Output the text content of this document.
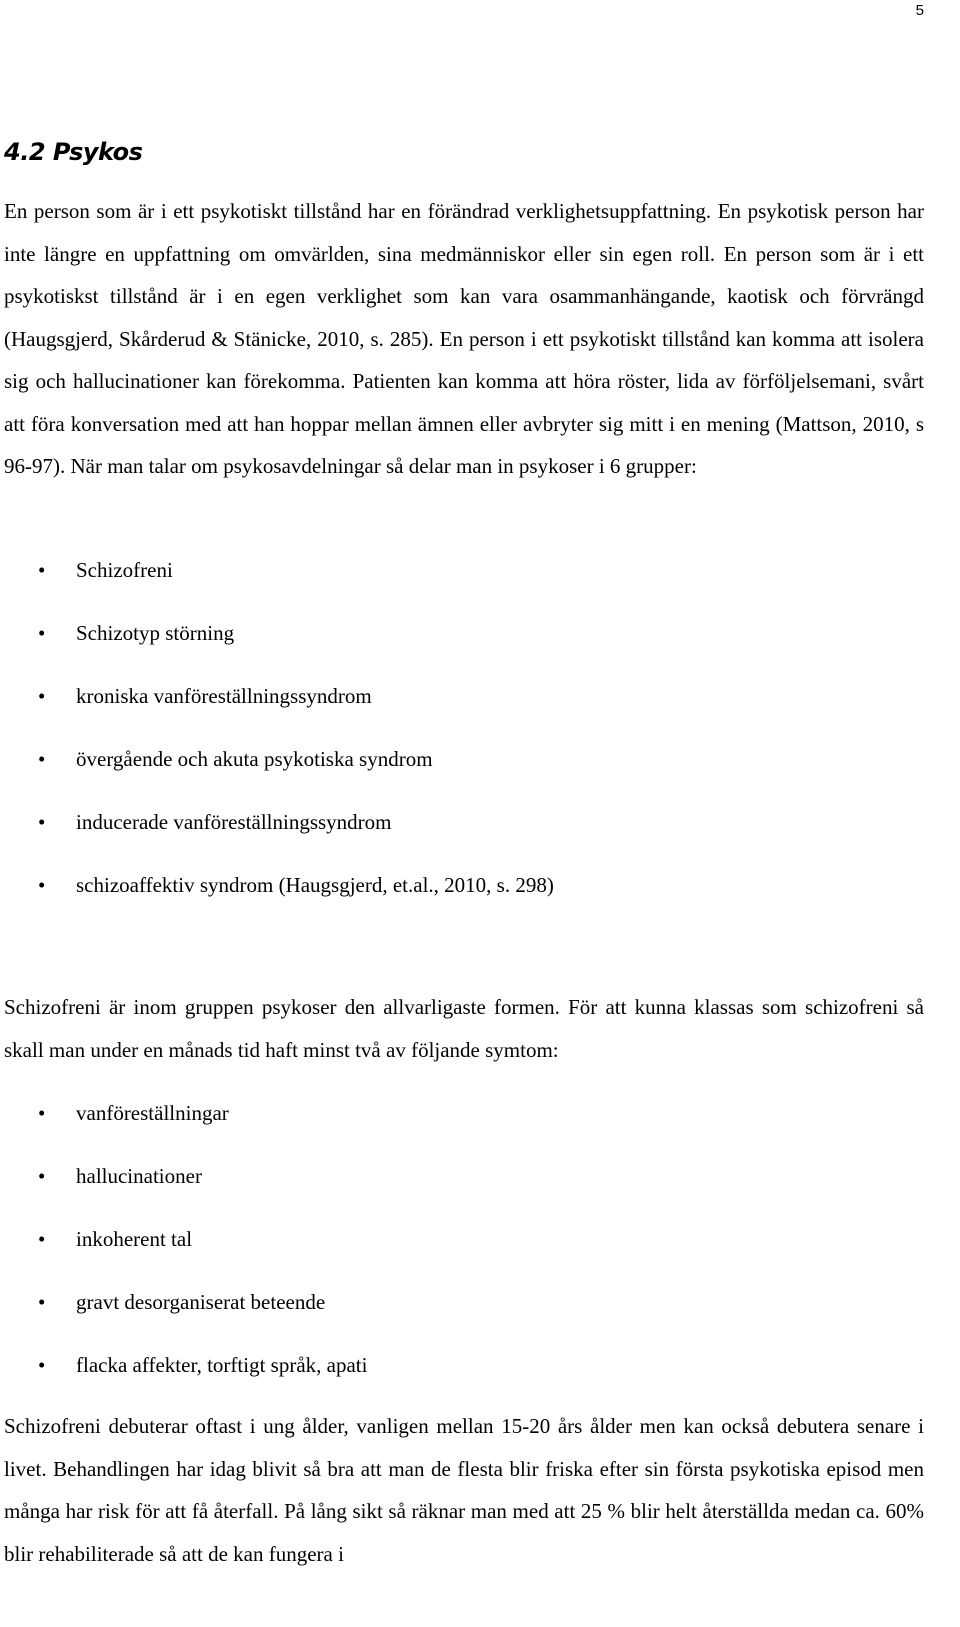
5
4.2 Psykos

En person som är i ett psykotiskt tillstånd har en förändrad verklighetsuppfattning. En psykotisk person har inte längre en uppfattning om omvärlden, sina medmänniskor eller sin egen roll. En person som är i ett psykotiskst tillstånd är i en egen verklighet som kan vara osammanhängande, kaotisk och förvrängd (Haugsgjerd, Skårderud & Stänicke, 2010, s. 285). En person i ett psykotiskt tillstånd kan komma att isolera sig och hallucinationer kan förekomma. Patienten kan komma att höra röster, lida av förföljelsemani, svårt att föra konversation med att han hoppar mellan ämnen eller avbryter sig mitt i en mening (Mattson, 2010, s 96-97). När man talar om psykosavdelningar så delar man in psykoser i 6 grupper:

• Schizofreni
• Schizotyp störning
• kroniska vanföreställningssyndrom
• övergående och akuta psykotiska syndrom
• inducerade vanföreställningssyndrom
• schizoaffektiv syndrom (Haugsgjerd, et.al., 2010, s. 298)

Schizofreni är inom gruppen psykoser den allvarligaste formen. För att kunna klassas som schizofreni så skall man under en månads tid haft minst två av följande symtom:

• vanföreställningar
• hallucinationer
• inkoherent tal
• gravt desorganiserat beteende
• flacka affekter, torftigt språk, apati

Schizofreni debuterar oftast i ung ålder, vanligen mellan 15-20 års ålder men kan också debutera senare i livet. Behandlingen har idag blivit så bra att man de flesta blir friska efter sin första psykotiska episod men många har risk för att få återfall. På lång sikt så räknar man med att 25 % blir helt återställda medan ca. 60% blir rehabiliterade så att de kan fungera i
